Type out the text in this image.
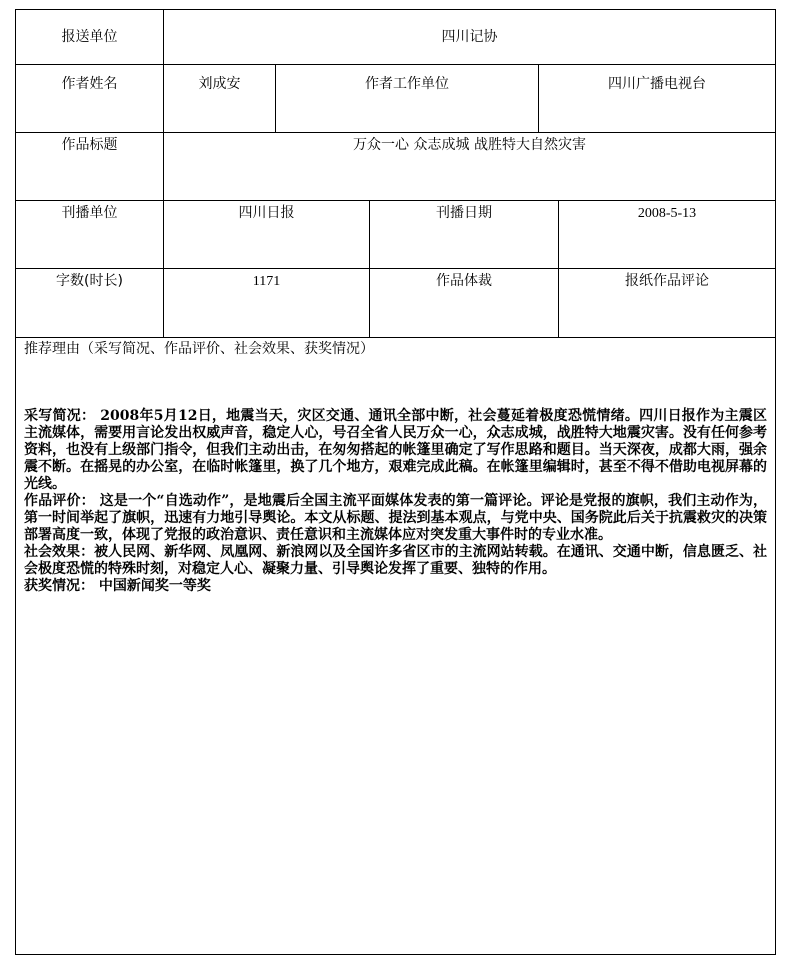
报送单位	四川记协
作者姓名	刘成安	作者工作单位	四川广播电视台
作品标题	万众一心 众志成城 战胜特大自然灾害
刊播单位	四川日报	刊播日期	2008-5-13
字数(时长)	1171	作品体裁	报纸作品评论
推荐理由（采写简况、作品评价、社会效果、获奖情况）

采写简况： 2008年5月12日，地震当天，灾区交通、通讯全部中断，社会蔓延着极度恐慌情绪。四川日报作为主震区主流媒体，需要用言论发出权威声音，稳定人心，号召全省人民万众一心，众志成城，战胜特大地震灾害。没有任何参考资料，也没有上级部门指令，但我们主动出击，在匆匆搭起的帐篷里确定了写作思路和题目。当天深夜，成都大雨，强余震不断。在摇晃的办公室，在临时帐篷里，换了几个地方，艰难完成此稿。在帐篷里编辑时，甚至不得不借助电视屏幕的光线。

作品评价： 这是一个“自选动作”，是地震后全国主流平面媒体发表的第一篇评论。评论是党报的旗帜，我们主动作为，第一时间举起了旗帜，迅速有力地引导舆论。本文从标题、提法到基本观点，与党中央、国务院此后关于抗震救灾的决策部署高度一致，体现了党报的政治意识、责任意识和主流媒体应对突发重大事件时的专业水准。

社会效果：被人民网、新华网、凤凰网、新浪网以及全国许多省区市的主流网站转载。在通讯、交通中断，信息匮乏、社会极度恐慌的特殊时刻，对稳定人心、凝聚力量、引导舆论发挥了重要、独特的作用。

获奖情况： 中国新闻奖一等奖
